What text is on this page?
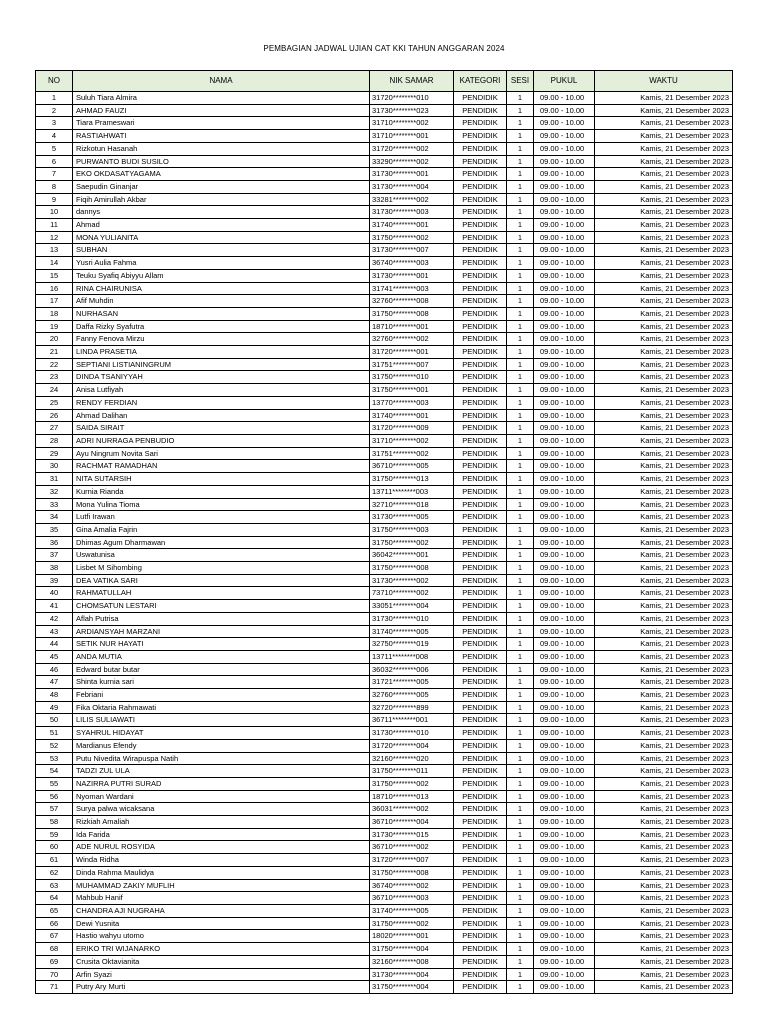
PEMBAGIAN JADWAL UJIAN CAT KKI TAHUN ANGGARAN 2024
NO	NAMA	NIK SAMAR	KATEGORI	SESI	PUKUL	WAKTU
1	Suluh Tiara Almira	31720********010	PENDIDIK	1	09.00 - 10.00	Kamis, 21 Desember 2023
2	AHMAD FAUZI	31730********023	PENDIDIK	1	09.00 - 10.00	Kamis, 21 Desember 2023
3	Tiara Prameswari	31710********002	PENDIDIK	1	09.00 - 10.00	Kamis, 21 Desember 2023
4	RASTIAHWATI	31710********001	PENDIDIK	1	09.00 - 10.00	Kamis, 21 Desember 2023
5	Rizkotun Hasanah	31720********002	PENDIDIK	1	09.00 - 10.00	Kamis, 21 Desember 2023
6	PURWANTO BUDI SUSILO	33290********002	PENDIDIK	1	09.00 - 10.00	Kamis, 21 Desember 2023
7	EKO OKDASATYAGAMA	31730********001	PENDIDIK	1	09.00 - 10.00	Kamis, 21 Desember 2023
8	Saepudin Ginanjar	31730********004	PENDIDIK	1	09.00 - 10.00	Kamis, 21 Desember 2023
9	Fiqih Amirullah Akbar	33281********002	PENDIDIK	1	09.00 - 10.00	Kamis, 21 Desember 2023
10	dannys	31730********003	PENDIDIK	1	09.00 - 10.00	Kamis, 21 Desember 2023
11	Ahmad	31740********001	PENDIDIK	1	09.00 - 10.00	Kamis, 21 Desember 2023
12	MONA YULIANITA	31750********002	PENDIDIK	1	09.00 - 10.00	Kamis, 21 Desember 2023
13	SUBHAN	31730********007	PENDIDIK	1	09.00 - 10.00	Kamis, 21 Desember 2023
14	Yusri Aulia Fahma	36740********003	PENDIDIK	1	09.00 - 10.00	Kamis, 21 Desember 2023
15	Teuku Syafiq Abiyyu Allam	31730********001	PENDIDIK	1	09.00 - 10.00	Kamis, 21 Desember 2023
16	RINA CHAIRUNISA	31741********003	PENDIDIK	1	09.00 - 10.00	Kamis, 21 Desember 2023
17	Afif Muhdin	32760********008	PENDIDIK	1	09.00 - 10.00	Kamis, 21 Desember 2023
18	NURHASAN	31750********008	PENDIDIK	1	09.00 - 10.00	Kamis, 21 Desember 2023
19	Daffa Rizky Syafutra	18710********001	PENDIDIK	1	09.00 - 10.00	Kamis, 21 Desember 2023
20	Fanny Fenova Mirzu	32760********002	PENDIDIK	1	09.00 - 10.00	Kamis, 21 Desember 2023
21	LINDA PRASETIA	31720********001	PENDIDIK	1	09.00 - 10.00	Kamis, 21 Desember 2023
22	SEPTIANI LISTIANINGRUM	31751********007	PENDIDIK	1	09.00 - 10.00	Kamis, 21 Desember 2023
23	DINDA TSANIYYAH	31750********010	PENDIDIK	1	09.00 - 10.00	Kamis, 21 Desember 2023
24	Anisa Lutfiyah	31750********001	PENDIDIK	1	09.00 - 10.00	Kamis, 21 Desember 2023
25	RENDY FERDIAN	13770********003	PENDIDIK	1	09.00 - 10.00	Kamis, 21 Desember 2023
26	Ahmad Dalihan	31740********001	PENDIDIK	1	09.00 - 10.00	Kamis, 21 Desember 2023
27	SAIDA SIRAIT	31720********009	PENDIDIK	1	09.00 - 10.00	Kamis, 21 Desember 2023
28	ADRI NURRAGA PENBUDIO	31710********002	PENDIDIK	1	09.00 - 10.00	Kamis, 21 Desember 2023
29	Ayu Ningrum Novita Sari	31751********002	PENDIDIK	1	09.00 - 10.00	Kamis, 21 Desember 2023
30	RACHMAT RAMADHAN	36710********005	PENDIDIK	1	09.00 - 10.00	Kamis, 21 Desember 2023
31	NITA SUTARSIH	31750********013	PENDIDIK	1	09.00 - 10.00	Kamis, 21 Desember 2023
32	Kurnia Rianda	13711********003	PENDIDIK	1	09.00 - 10.00	Kamis, 21 Desember 2023
33	Mona Yulina Tioma	32710********018	PENDIDIK	1	09.00 - 10.00	Kamis, 21 Desember 2023
34	Lutfi Irawan	31730********005	PENDIDIK	1	09.00 - 10.00	Kamis, 21 Desember 2023
35	Gina Amalia Fajrin	31750********003	PENDIDIK	1	09.00 - 10.00	Kamis, 21 Desember 2023
36	Dhimas Agum Dharmawan	31750********002	PENDIDIK	1	09.00 - 10.00	Kamis, 21 Desember 2023
37	Uswatunisa	36042********001	PENDIDIK	1	09.00 - 10.00	Kamis, 21 Desember 2023
38	Lisbet M Sihombing	31750********008	PENDIDIK	1	09.00 - 10.00	Kamis, 21 Desember 2023
39	DEA VATIKA SARI	31730********002	PENDIDIK	1	09.00 - 10.00	Kamis, 21 Desember 2023
40	RAHMATULLAH	73710********002	PENDIDIK	1	09.00 - 10.00	Kamis, 21 Desember 2023
41	CHOMSATUN LESTARI	33051********004	PENDIDIK	1	09.00 - 10.00	Kamis, 21 Desember 2023
42	Aflah Putrisa	31730********010	PENDIDIK	1	09.00 - 10.00	Kamis, 21 Desember 2023
43	ARDIANSYAH MARZANI	31740********005	PENDIDIK	1	09.00 - 10.00	Kamis, 21 Desember 2023
44	SETIK NUR HAYATI	32750********019	PENDIDIK	1	09.00 - 10.00	Kamis, 21 Desember 2023
45	ANDA MUTIA	13711********008	PENDIDIK	1	09.00 - 10.00	Kamis, 21 Desember 2023
46	Edward butar butar	36032********006	PENDIDIK	1	09.00 - 10.00	Kamis, 21 Desember 2023
47	Shinta kurnia sari	31721********005	PENDIDIK	1	09.00 - 10.00	Kamis, 21 Desember 2023
48	Febriani	32760********005	PENDIDIK	1	09.00 - 10.00	Kamis, 21 Desember 2023
49	Fika Oktaria Rahmawati	32720********899	PENDIDIK	1	09.00 - 10.00	Kamis, 21 Desember 2023
50	LILIS SULIAWATI	36711********001	PENDIDIK	1	09.00 - 10.00	Kamis, 21 Desember 2023
51	SYAHRUL HIDAYAT	31730********010	PENDIDIK	1	09.00 - 10.00	Kamis, 21 Desember 2023
52	Mardianus Efendy	31720********004	PENDIDIK	1	09.00 - 10.00	Kamis, 21 Desember 2023
53	Putu Nivedita Wirapuspa Natih	32160********020	PENDIDIK	1	09.00 - 10.00	Kamis, 21 Desember 2023
54	TADZI ZUL ULA	31750********011	PENDIDIK	1	09.00 - 10.00	Kamis, 21 Desember 2023
55	NAZIRRA PUTRI SURAD	31750********002	PENDIDIK	1	09.00 - 10.00	Kamis, 21 Desember 2023
56	Nyoman Wardani	18710********013	PENDIDIK	1	09.00 - 10.00	Kamis, 21 Desember 2023
57	Surya palwa wicaksana	36031********002	PENDIDIK	1	09.00 - 10.00	Kamis, 21 Desember 2023
58	Rizkiah Amaliah	36710********004	PENDIDIK	1	09.00 - 10.00	Kamis, 21 Desember 2023
59	Ida Farida	31730********015	PENDIDIK	1	09.00 - 10.00	Kamis, 21 Desember 2023
60	ADE NURUL ROSYIDA	36710********002	PENDIDIK	1	09.00 - 10.00	Kamis, 21 Desember 2023
61	Winda Ridha	31720********007	PENDIDIK	1	09.00 - 10.00	Kamis, 21 Desember 2023
62	Dinda Rahma Maulidya	31750********008	PENDIDIK	1	09.00 - 10.00	Kamis, 21 Desember 2023
63	MUHAMMAD ZAKIY MUFLIH	36740********002	PENDIDIK	1	09.00 - 10.00	Kamis, 21 Desember 2023
64	Mahbub Hanif	36710********003	PENDIDIK	1	09.00 - 10.00	Kamis, 21 Desember 2023
65	CHANDRA AJI NUGRAHA	31740********005	PENDIDIK	1	09.00 - 10.00	Kamis, 21 Desember 2023
66	Dewi Yusnita	31750********002	PENDIDIK	1	09.00 - 10.00	Kamis, 21 Desember 2023
67	Hastio wahyu utomo	18020********001	PENDIDIK	1	09.00 - 10.00	Kamis, 21 Desember 2023
68	ERIKO TRI WIJANARKO	31750********004	PENDIDIK	1	09.00 - 10.00	Kamis, 21 Desember 2023
69	Crusita Oktavianita	32160********008	PENDIDIK	1	09.00 - 10.00	Kamis, 21 Desember 2023
70	Arfin Syazi	31730********004	PENDIDIK	1	09.00 - 10.00	Kamis, 21 Desember 2023
71	Putry Ary Murti	31750********004	PENDIDIK	1	09.00 - 10.00	Kamis, 21 Desember 2023
